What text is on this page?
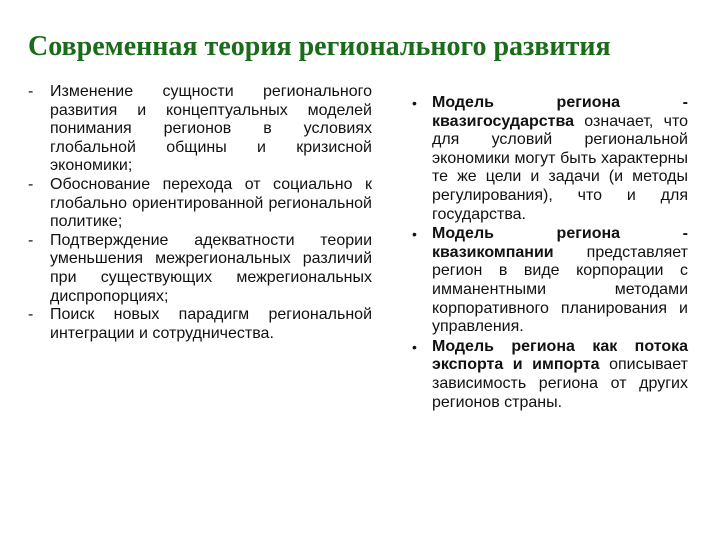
Современная теория регионального развития
- Изменение сущности регионального развития и концептуальных моделей понимания регионов в условиях глобальной общины и кризисной экономики;
- Обоснование перехода от социально к глобально ориентированной региональной политике;
- Подтверждение адекватности теории уменьшения межрегиональных различий при существующих межрегиональных диспропорциях;
- Поиск новых парадигм региональной интеграции и сотрудничества.
• Модель региона - квазигосударства означает, что для условий региональной экономики могут быть характерны те же цели и задачи (и методы регулирования), что и для государства.
• Модель региона - квазикомпании представляет регион в виде корпорации с имманентными методами корпоративного планирования и управления.
• Модель региона как потока экспорта и импорта описывает зависимость региона от других регионов страны.
